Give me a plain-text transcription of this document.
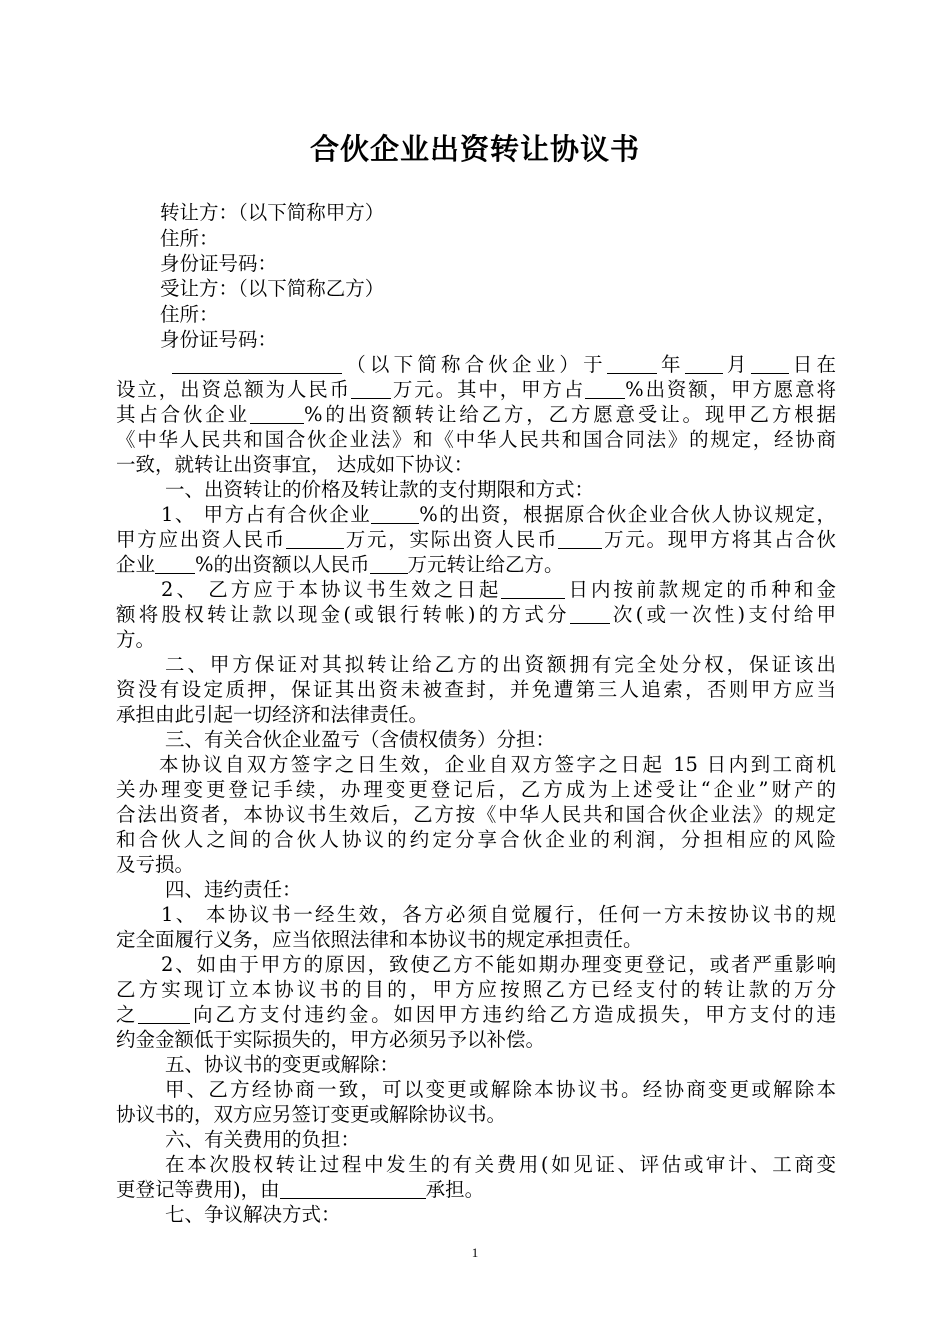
合伙企业出资转让协议书
转让方：（以下简称甲方）
住所：
身份证号码：
受让方：（以下简称乙方）
住所：
身份证号码：
（以下简称合伙企业）于	年 月 日在
设立，出资总额为人民币 万元。其中，甲方占 %出资额，甲方愿意将
其占合伙企业	%的出资额转让给乙方，乙方愿意受让。现甲乙方根据
《中华人民共和国合伙企业法》和《中华人民共和国合同法》的规定，经协商
一致，就转让出资事宜， 达成如下协议：
一、出资转让的价格及转让款的支付期限和方式：
1、 甲方占有合伙企业 %的出资，根据原合伙企业合伙人协议规定，
甲方应出资人民币	万元，实际出资人民币 万元。现甲方将其占合伙
企业 %的出资额以人民币 万元转让给乙方。
2、 乙方应于本协议书生效之日起	日内按前款规定的币种和金
额将股权转让款以现金(或银行转帐)的方式分 次(或一次性)支付给甲
方。
二、甲方保证对其拟转让给乙方的出资额拥有完全处分权，保证该出
资没有设定质押，保证其出资未被查封，并免遭第三人追索，否则甲方应当
承担由此引起一切经济和法律责任。
三、有关合伙企业盈亏（含债权债务）分担：
本协议自双方签字之日生效，企业自双方签字之日起 15 日内到工商机
关办理变更登记手续，办理变更登记后，乙方成为上述受让“企业”财产的
合法出资者，本协议书生效后，乙方按《中华人民共和国合伙企业法》的规定
和合伙人之间的合伙人协议的约定分享合伙企业的利润，分担相应的风险
及亏损。
四、违约责任：
1、 本协议书一经生效，各方必须自觉履行，任何一方未按协议书的规
定全面履行义务，应当依照法律和本协议书的规定承担责任。
2、如由于甲方的原因，致使乙方不能如期办理变更登记，或者严重影响
乙方实现订立本协议书的目的，甲方应按照乙方已经支付的转让款的万分
之	向乙方支付违约金。如因甲方违约给乙方造成损失，甲方支付的违
约金金额低于实际损失的，甲方必须另予以补偿。
五、协议书的变更或解除：
甲、乙方经协商一致，可以变更或解除本协议书。经协商变更或解除本
协议书的，双方应另签订变更或解除协议书。
六、有关费用的负担：
在本次股权转让过程中发生的有关费用(如见证、评估或审计、工商变
更登记等费用)，由	承担。
七、争议解决方式：
1
